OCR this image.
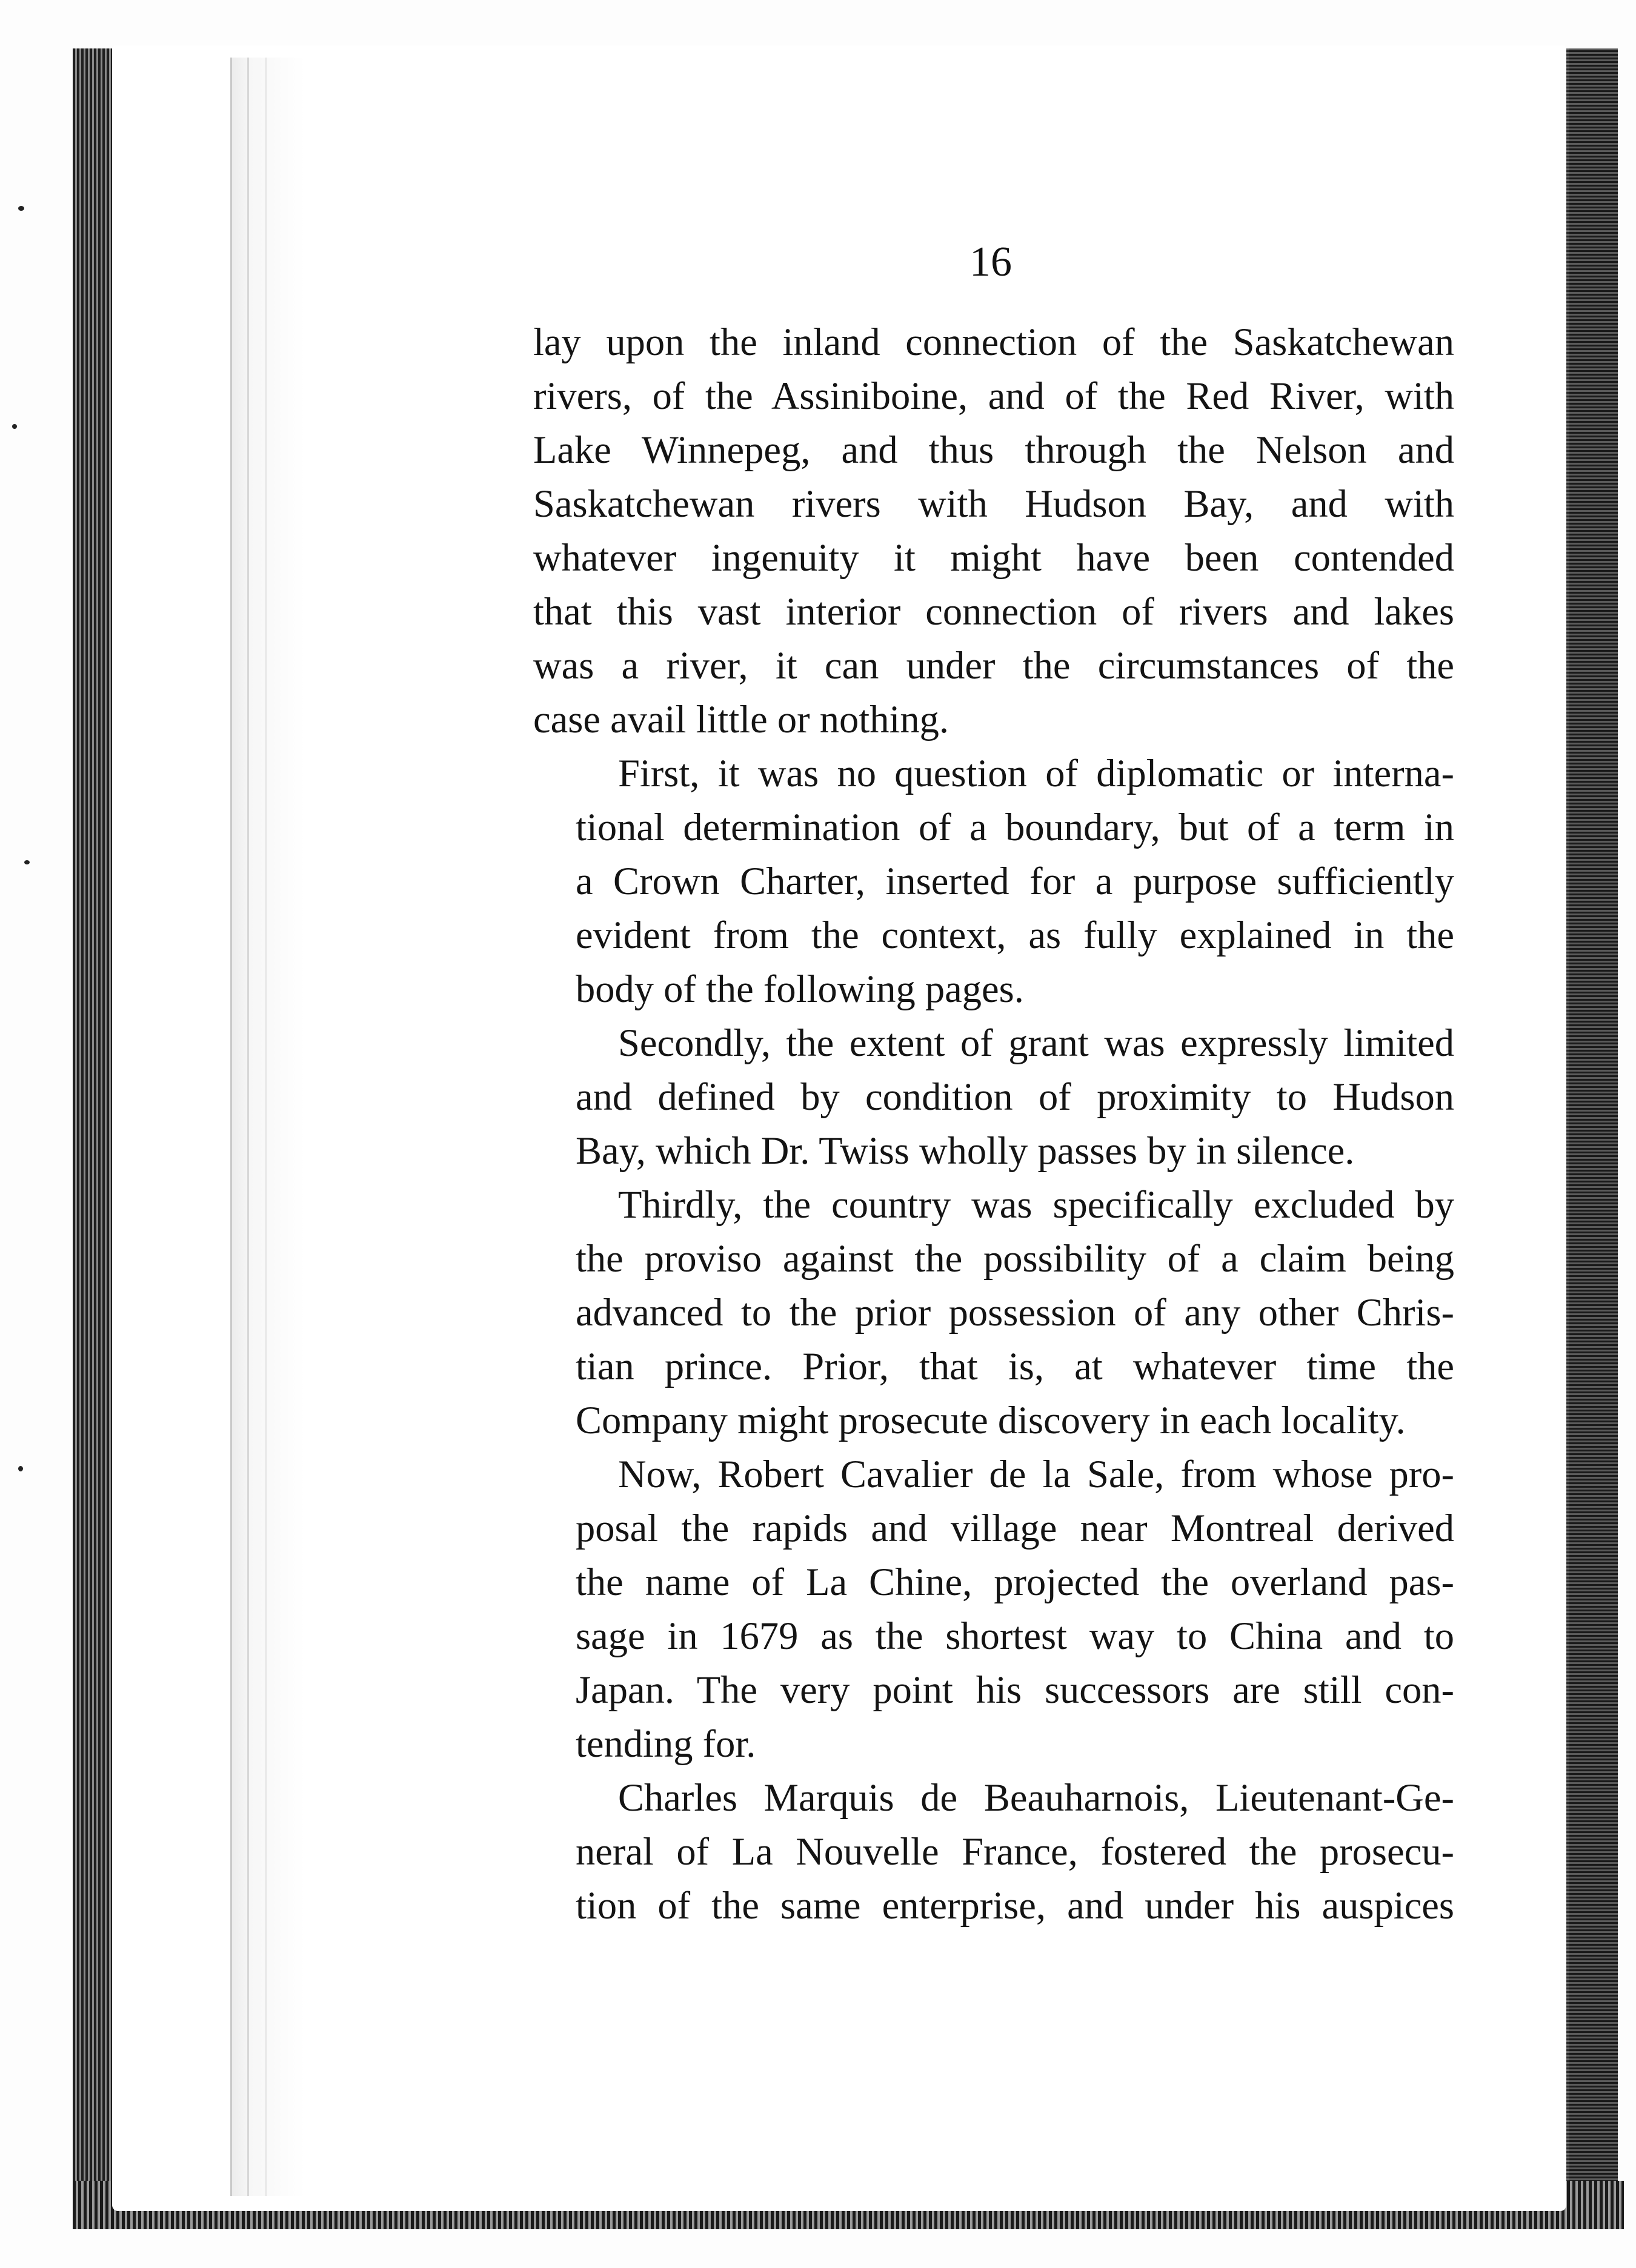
16

lay upon the inland connection of the Saskatchewan
rivers, of the Assiniboine, and of the Red River, with
Lake Winnepeg, and thus through the Nelson and
Saskatchewan rivers with Hudson Bay, and with
whatever ingenuity it might have been contended
that this vast interior connection of rivers and lakes
was a river, it can under the circumstances of the
case avail little or nothing.

First, it was no question of diplomatic or interna-
tional determination of a boundary, but of a term in
a Crown Charter, inserted for a purpose sufficiently
evident from the context, as fully explained in the
body of the following pages.

Secondly, the extent of grant was expressly limited
and defined by condition of proximity to Hudson
Bay, which Dr. Twiss wholly passes by in silence.

Thirdly, the country was specifically excluded by
the proviso against the possibility of a claim being
advanced to the prior possession of any other Chris-
tian prince. Prior, that is, at whatever time the
Company might prosecute discovery in each locality.

Now, Robert Cavalier de la Sale, from whose pro-
posal the rapids and village near Montreal derived
the name of La Chine, projected the overland pas-
sage in 1679 as the shortest way to China and to
Japan. The very point his successors are still con-
tending for.

Charles Marquis de Beauharnois, Lieutenant-Ge-
neral of La Nouvelle France, fostered the prosecu-
tion of the same enterprise, and under his auspices
